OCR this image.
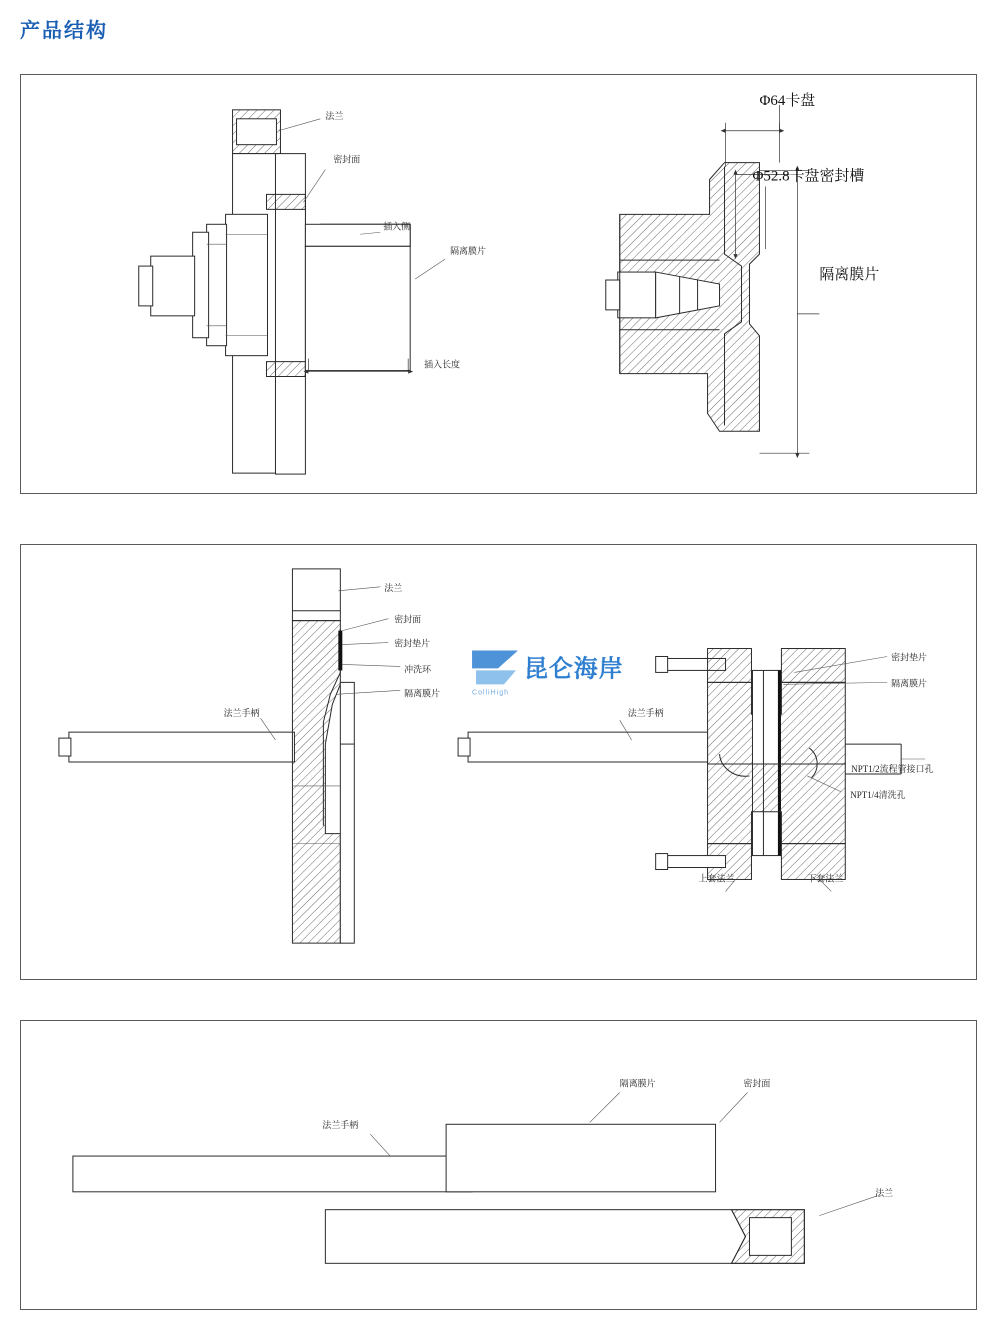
产品结构
法兰
密封面
插入侧
隔离膜片
插入长度
Φ64卡盘
Φ52.8卡盘密封槽
隔离膜片
昆仑海岸
ColliHigh
法兰
密封面
密封垫片
冲洗环
隔离膜片
法兰手柄
密封垫片
隔离膜片
法兰手柄
NPT1/2流程管接口孔
NPT1/4清洗孔
上套法兰	下套法兰
隔离膜片	密封面
法兰手柄
法兰
